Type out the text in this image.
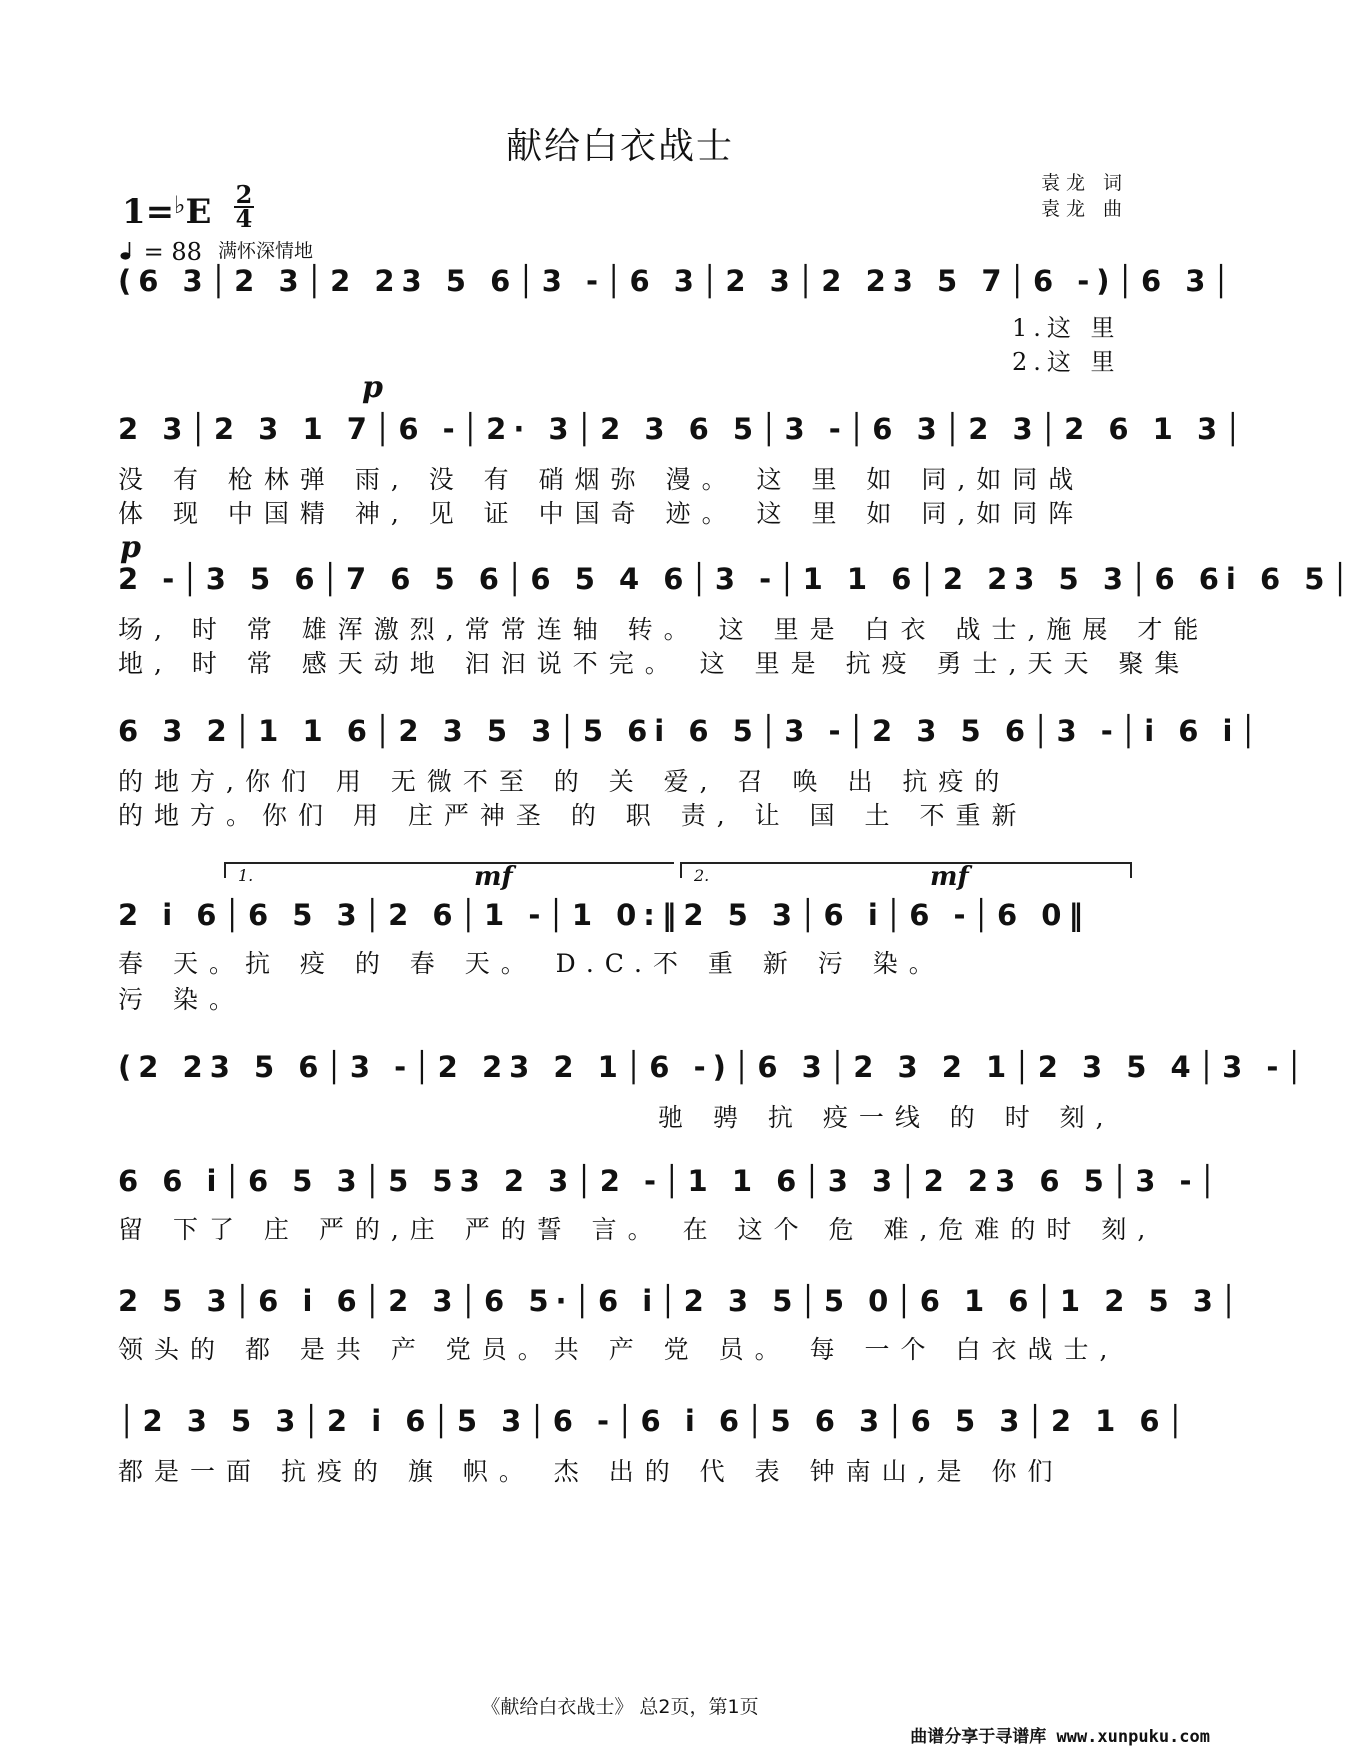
献给白衣战士
1=♭E 2

4
= 88 满怀深情地
袁龙 词
袁龙 曲
(6 3│2 3│2 23 5 6│3 -│6 3│2 3│2 23 5 7│6 -)│6 3│
1.这 里
2.这 里
p
2 3│2 3 1 7│6 -│2· 3│2 3 6 5│3 -│6 3│2 3│2 6 1 3│
没 有 枪林弹 雨, 没 有 硝烟弥 漫。 这 里 如 同,如同战
体 现 中国精 神, 见 证 中国奇 迹。 这 里 如 同,如同阵
p
2 -│3 5 6│7 6 5 6│6 5 4 6│3 -│1 1 6│2 23 5 3│6 6i 6 5│
场, 时 常 雄浑激烈,常常连轴 转。 这 里是 白衣 战士,施展 才能
地, 时 常 感天动地 汩汩说不完。 这 里是 抗疫 勇士,天天 聚集
6 3 2│1 1 6│2 3 5 3│5 6i 6 5│3 -│2 3 5 6│3 -│i 6 i│
的地方,你们 用 无微不至 的 关 爱, 召 唤 出 抗疫的
的地方。你们 用 庄严神圣 的 职 责, 让 国 土 不重新
1.	2.
mf	mf
2 i 6│6 5 3│2 6│1 -│1 0:‖2 5 3│6 i│6 -│6 0‖
春 天。抗 疫 的 春 天。 D.C.不 重 新 污 染。
污 染。
(2 23 5 6│3 -│2 23 2 1│6 -)│6 3│2 3 2 1│2 3 5 4│3 -│
驰 骋 抗 疫一线 的 时 刻,
6 6 i│6 5 3│5 53 2 3│2 -│1 1 6│3 3│2 23 6 5│3 -│
留 下了 庄 严的,庄 严的誓 言。 在 这个 危 难,危难的时 刻,
2 5 3│6 i 6│2 3│6 5·│6 i│2 3 5│5 0│6 1 6│1 2 5 3│
领头的 都 是共 产 党员。共 产 党 员。 每 一个 白衣战士,
│2 3 5 3│2 i 6│5 3│6 -│6 i 6│5 6 3│6 5 3│2 1 6│
都是一面 抗疫的 旗 帜。 杰 出的 代 表 钟南山,是 你们
《献给白衣战士》 总2页，第1页
曲谱分享于寻谱库 www.xunpuku.com
